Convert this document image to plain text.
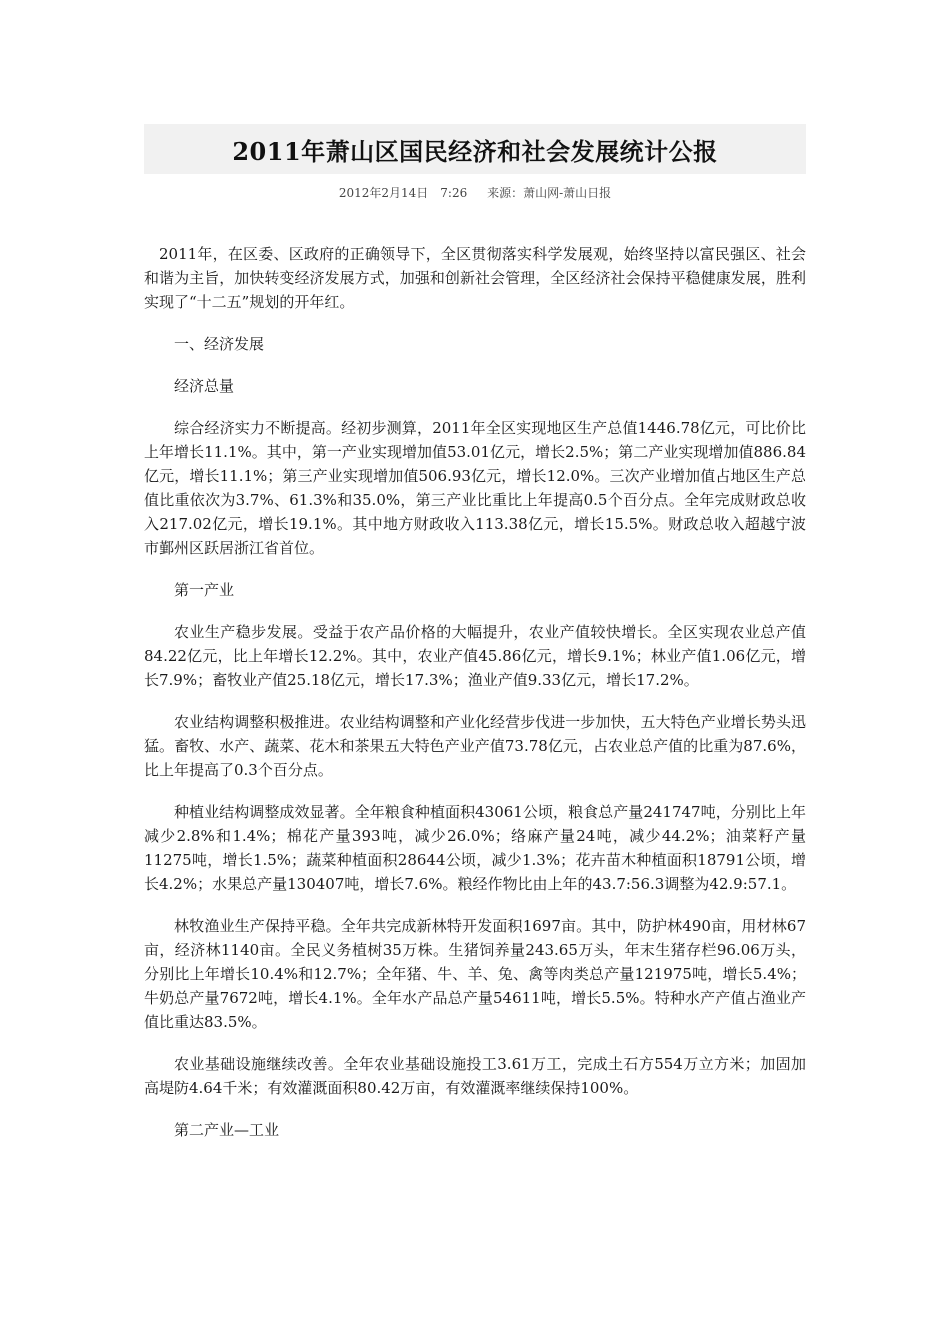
2011年萧山区国民经济和社会发展统计公报
2012年2月14日　7:26 来源：萧山网-萧山日报

2011年，在区委、区政府的正确领导下，全区贯彻落实科学发展观，始终坚持以富民强区、社会和谐为主旨，加快转变经济发展方式，加强和创新社会管理，全区经济社会保持平稳健康发展，胜利实现了“十二五”规划的开年红。

一、经济发展

经济总量

综合经济实力不断提高。经初步测算，2011年全区实现地区生产总值1446.78亿元，可比价比上年增长11.1%。其中，第一产业实现增加值53.01亿元，增长2.5%；第二产业实现增加值886.84亿元，增长11.1%；第三产业实现增加值506.93亿元，增长12.0%。三次产业增加值占地区生产总值比重依次为3.7%、61.3%和35.0%，第三产业比重比上年提高0.5个百分点。全年完成财政总收入217.02亿元，增长19.1%。其中地方财政收入113.38亿元，增长15.5%。财政总收入超越宁波市鄞州区跃居浙江省首位。

第一产业

农业生产稳步发展。受益于农产品价格的大幅提升，农业产值较快增长。全区实现农业总产值84.22亿元，比上年增长12.2%。其中，农业产值45.86亿元，增长9.1%；林业产值1.06亿元，增长7.9%；畜牧业产值25.18亿元，增长17.3%；渔业产值9.33亿元，增长17.2%。

农业结构调整积极推进。农业结构调整和产业化经营步伐进一步加快，五大特色产业增长势头迅猛。畜牧、水产、蔬菜、花木和茶果五大特色产业产值73.78亿元，占农业总产值的比重为87.6%，比上年提高了0.3个百分点。

种植业结构调整成效显著。全年粮食种植面积43061公顷，粮食总产量241747吨，分别比上年减少2.8%和1.4%；棉花产量393吨，减少26.0%；络麻产量24吨，减少44.2%；油菜籽产量11275吨，增长1.5%；蔬菜种植面积28644公顷，减少1.3%；花卉苗木种植面积18791公顷，增长4.2%；水果总产量130407吨，增长7.6%。粮经作物比由上年的43.7:56.3调整为42.9:57.1。

林牧渔业生产保持平稳。全年共完成新林特开发面积1697亩。其中，防护林490亩，用材林67亩，经济林1140亩。全民义务植树35万株。生猪饲养量243.65万头，年末生猪存栏96.06万头，分别比上年增长10.4%和12.7%；全年猪、牛、羊、兔、禽等肉类总产量121975吨，增长5.4%；牛奶总产量7672吨，增长4.1%。全年水产品总产量54611吨，增长5.5%。特种水产产值占渔业产值比重达83.5%。

农业基础设施继续改善。全年农业基础设施投工3.61万工，完成土石方554万立方米；加固加高堤防4.64千米；有效灌溉面积80.42万亩，有效灌溉率继续保持100%。

第二产业—工业
